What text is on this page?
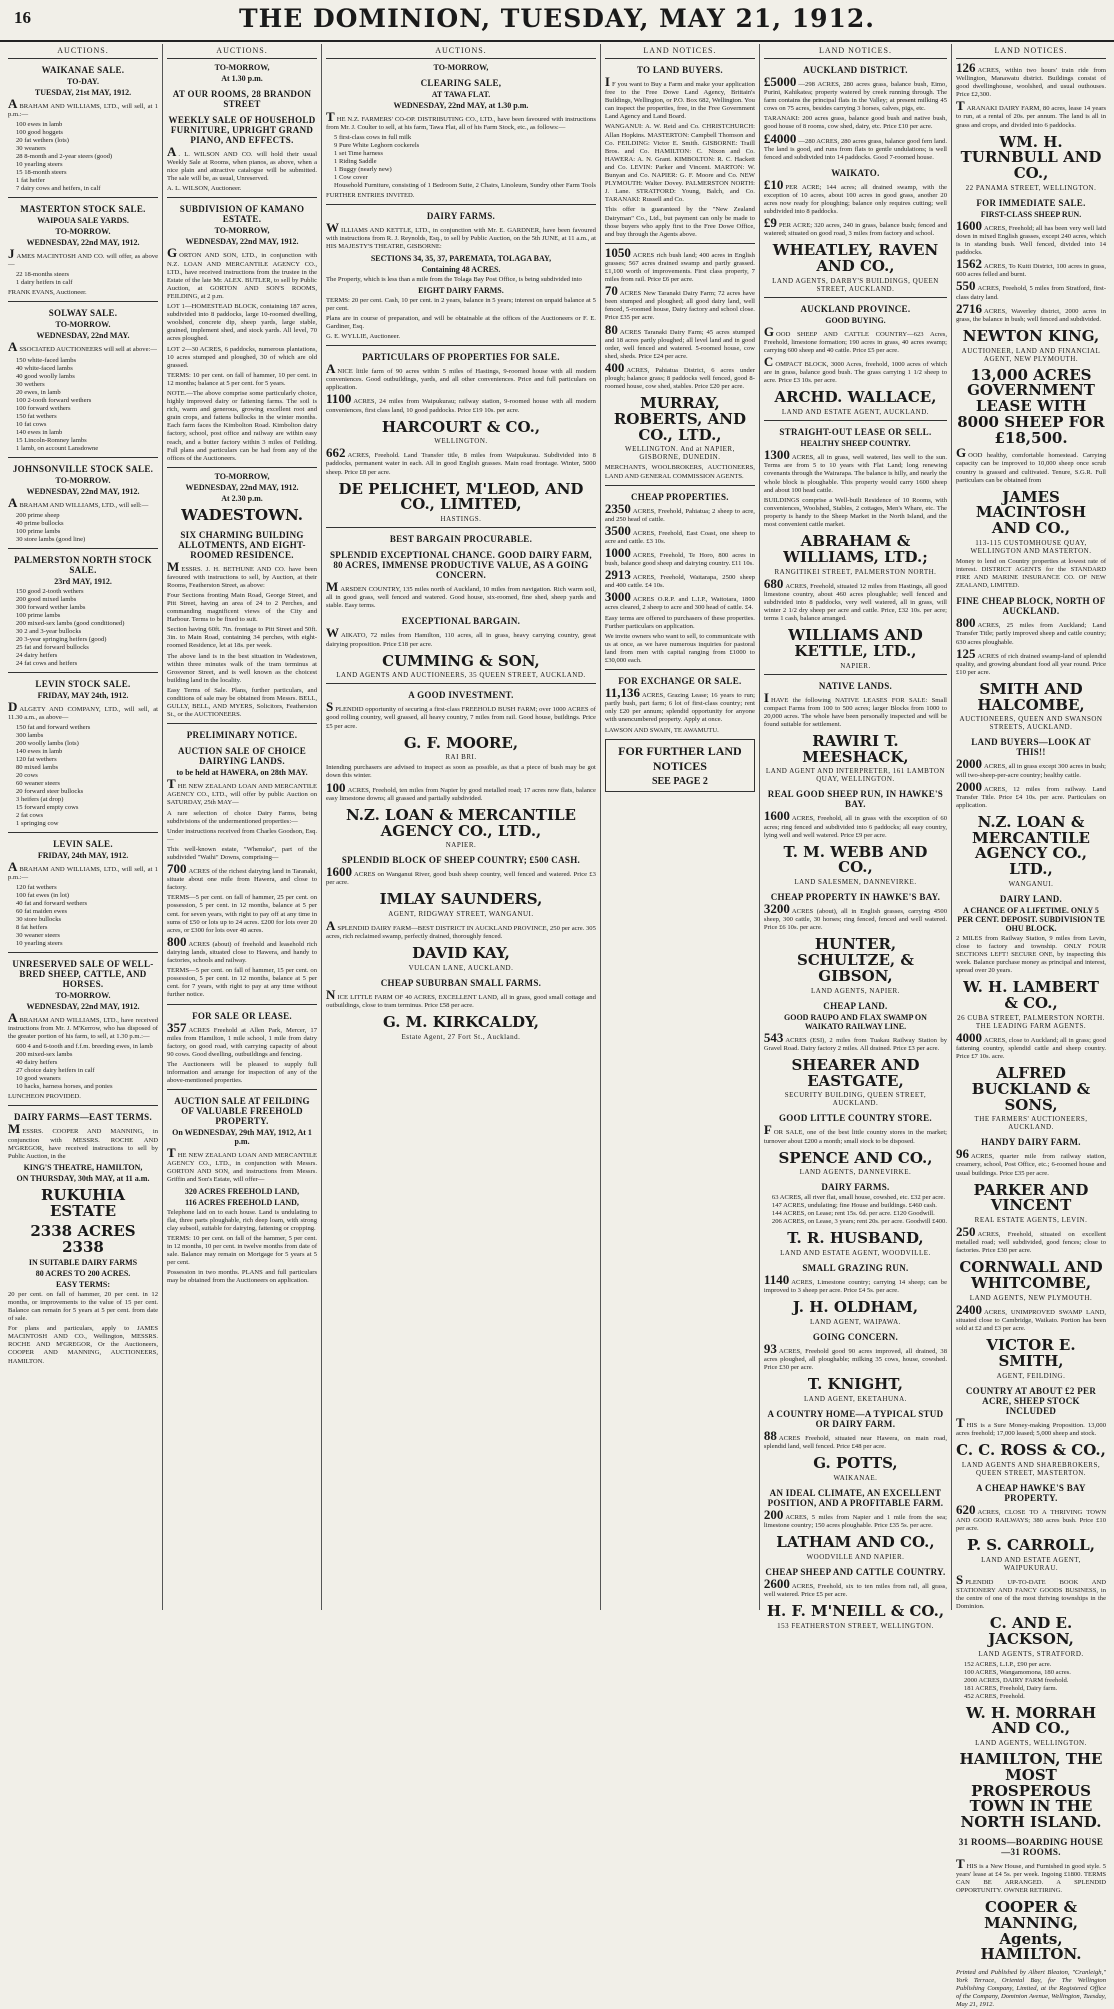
16	THE DOMINION, TUESDAY, MAY 21, 1912.
AUCTIONS.
WAIKANAE SALE.
TO-DAY.
TUESDAY, 21st MAY, 1912.
ABRAHAM AND WILLIAMS, LTD., will sell, at 1 p.m.:—
100 ewes in lamb
100 good hoggets
20 fat wethers (lots)
30 weaners
28 8-month and 2-year steers (good)
10 yearling steers
15 18-month steers
1 fat heifer
7 dairy cows and heifers, in calf
MASTERTON STOCK SALE.
WAIPOUA SALE YARDS.
TO-MORROW.
WEDNESDAY, 22nd MAY, 1912.
JAMES MACINTOSH AND CO. will offer, as above—
22 18-months steers
1 dairy heifers in calf
FRANK EVANS, Auctioneer.
SOLWAY SALE.
TO-MORROW.
WEDNESDAY, 22nd MAY.
ASSOCIATED AUCTIONEERS will sell at above:—
150 white-faced lambs
40 white-faced lambs
40 good woolly lambs
30 wethers
20 ewes, in lamb
100 2-tooth forward wethers
100 forward wethers
150 fat wethers
10 fat cows
140 ewes in lamb
15 Lincoln-Romney lambs
1 lamb, on account Lansdowne
JOHNSONVILLE STOCK SALE.
TO-MORROW.
WEDNESDAY, 22nd MAY, 1912.
ABRAHAM AND WILLIAMS, LTD., will sell:—
200 prime sheep
40 prime bullocks
100 prime lambs
30 store lambs (good line)
PALMERSTON NORTH STOCK SALE.
23rd MAY, 1912.
150 good 2-tooth wethers
200 good mixed lambs
300 forward wether lambs
100 prime lambs
200 mixed-sex lambs (good conditioned)
30 2 and 3-year bullocks
20 3-year springing heifers (good)
25 fat and forward bullocks
24 dairy heifers
24 fat cows and heifers
LEVIN STOCK SALE.
FRIDAY, MAY 24th, 1912.
DALGETY AND COMPANY, LTD., will sell, at 11.30 a.m., as above—
150 fat and forward wethers
300 lambs
200 woolly lambs (lots)
140 ewes in lamb
120 fat wethers
80 mixed lambs
20 cows
60 weaner steers
20 forward steer bullocks
3 heifers (at drop)
15 forward empty cows
2 fat cows
1 springing cow
LEVIN SALE.
FRIDAY, 24th MAY, 1912.
ABRAHAM AND WILLIAMS, LTD., will sell, at 1 p.m.:—
120 fat wethers
100 fat ewes (in lot)
40 fat and forward wethers
60 fat maiden ewes
30 store bullocks
8 fat heifers
30 weaner steers
10 yearling steers
UNRESERVED SALE OF WELL-BRED SHEEP, CATTLE, AND HORSES.
TO-MORROW.
WEDNESDAY, 22nd MAY, 1912.
ABRAHAM AND WILLIAMS, LTD., have received instructions from Mr. J. M'Kerrow, who has disposed of the greater portion of his farm, to sell, at 1.30 p.m.:—
600 4 and 6-tooth and f.f.m. breeding ewes, in lamb
200 mixed-sex lambs
40 dairy heifers
27 choice dairy heifers in calf
10 good weaners
10 hacks, harness horses, and ponies
LUNCHEON PROVIDED.
DAIRY FARMS—EAST TERMS.
MESSRS. COOPER AND MANNING, in conjunction with MESSRS. ROCHE AND M'GREGOR, have received instructions to sell by Public Auction, in the
KING'S THEATRE, HAMILTON,
ON THURSDAY, 30th MAY, at 11 a.m.
RUKUHIA ESTATE
2338 ACRES 2338
IN SUITABLE DAIRY FARMS
80 ACRES TO 200 ACRES.
EASY TERMS:
20 per cent. on fall of hammer, 20 per cent. in 12 months, or improvements to the value of 15 per cent. Balance can remain for 5 years at 5 per cent. from date of sale.
For plans and particulars, apply to JAMES MACINTOSH AND CO., Wellington, MESSRS. ROCHE AND M'GREGOR, Or the Auctioneers, COOPER AND MANNING, AUCTIONEERS, HAMILTON.
AUCTIONS.
TO-MORROW,
At 1.30 p.m.
AT OUR ROOMS, 28 BRANDON STREET
WEEKLY SALE OF HOUSEHOLD FURNITURE, UPRIGHT GRAND PIANO, AND EFFECTS.
A . L. WILSON AND CO. will hold their usual Weekly Sale at Rooms, when pianos, as above, when a nice plain and attractive catalogue will be submitted. The sale will be, as usual, Unreserved.
A. L. WILSON, Auctioneer.
SUBDIVISION OF KAMANO ESTATE.
TO-MORROW,
WEDNESDAY, 22nd MAY, 1912.
GORTON AND SON, LTD., in conjunction with N.Z. LOAN AND MERCANTILE AGENCY CO., LTD., have received instructions from the trustee in the Estate of the late Mr. ALEX. BUTLER, to sell by Public Auction, at GORTON AND SON'S ROOMS, FEILDING, at 2 p.m.
LOT 1—HOMESTEAD BLOCK, containing 187 acres, subdivided into 8 paddocks, large 10-roomed dwelling, woolshed, concrete dip, sheep yards, large stable, grained, implement shed, and stock yards. All level, 70 acres ploughed.
LOT 2—30 ACRES, 6 paddocks, numerous plantations, 10 acres stumped and ploughed, 30 of which are old grassed.
TERMS: 10 per cent. on fall of hammer, 10 per cent. in 12 months; balance at 5 per cent. for 5 years.
NOTE.—The above comprise some particularly choice, highly improved dairy or fattening farms. The soil is rich, warm and generous, growing excellent root and grain crops, and fattens bullocks in the winter months. Each farm faces the Kimbolton Road. Kimbolton dairy factory, school, post office and railway are within easy reach, and a butter factory within 3 miles of Feilding. Full plans and particulars can be had from any of the offices of the Auctioneers.
TO-MORROW,
WEDNESDAY, 22nd MAY, 1912.
At 2.30 p.m.
WADESTOWN.
SIX CHARMING BUILDING ALLOTMENTS, AND EIGHT-ROOMED RESIDENCE.
MESSRS. J. H. BETHUNE AND CO. have been favoured with instructions to sell, by Auction, at their Rooms, Featherston Street, as above:
Four Sections fronting Main Road, George Street, and Pitt Street, having an area of 24 to 2 Perches, and commanding magnificent views of the City and Harbour. Terms to be fixed to suit.
Section having 60ft. 7in. frontage to Pitt Street and 50ft. 3in. to Main Road, containing 34 perches, with eight-roomed Residence, let at 18s. per week.
The above land is in the best situation in Wadestown, within three minutes walk of the tram terminus at Grosvenor Street, and is well known as the choicest building land in the locality.
Easy Terms of Sale. Plans, further particulars, and conditions of sale may be obtained from Messrs. BELL, GULLY, BELL, AND MYERS, Solicitors, Featherston St., or the AUCTIONEERS.
PRELIMINARY NOTICE.
AUCTION SALE OF CHOICE DAIRYING LANDS.
to be held at HAWERA, on 28th MAY.
THE NEW ZEALAND LOAN AND MERCANTILE AGENCY CO., LTD., will offer by public Auction on SATURDAY, 25th MAY—
A rare selection of choice Dairy Farms, being subdivisions of the undermentioned properties:—
Under instructions received from Charles Goodson, Esq.—
This well-known estate, "Whenuka", part of the subdivided "Waihi" Downs, comprising—
700 ACRES of the richest dairying land in Taranaki, situate about one mile from Hawera, and close to factory.
TERMS—5 per cent. on fall of hammer, 25 per cent. on possession, 5 per cent. in 12 months, balance at 5 per cent. for seven years, with right to pay off at any time in sums of £50 or lots up to 24 acres. £200 for lots over 20 acres, or £300 for lots over 40 acres.
800 ACRES (about) of freehold and leasehold rich dairying lands, situated close to Hawera, and handy to factories, schools and railway.
TERMS—5 per cent. on fall of hammer, 15 per cent. on possession, 5 per cent. in 12 months, balance at 5 per cent. for 7 years, with right to pay at any time without further notice.
FOR SALE OR LEASE.
357 ACRES Freehold at Allen Park, Mercer, 17 miles from Hamilton, 1 mile school, 1 mile from dairy factory, on good road, with carrying capacity of about 90 cows. Good dwelling, outbuildings and fencing.
The Auctioneers will be pleased to supply full information and arrange for inspection of any of the above-mentioned properties.
AUCTION SALE AT FEILDING OF VALUABLE FREEHOLD PROPERTY.
On WEDNESDAY, 29th MAY, 1912, At 1 p.m.
THE NEW ZEALAND LOAN AND MERCANTILE AGENCY CO., LTD., in conjunction with Messrs. GORTON AND SON, and instructions from Messrs. Griffin and Son's Estate, will offer—
320 ACRES FREEHOLD LAND,
116 ACRES FREEHOLD LAND,
Telephone laid on to each house. Land is undulating to flat, three parts ploughable, rich deep loam, with strong clay subsoil, suitable for dairying, fattening or cropping.
TERMS: 10 per cent. on fall of the hammer, 5 per cent. in 12 months, 10 per cent. in twelve months from date of sale. Balance may remain on Mortgage for 5 years at 5 per cent.
Possession in two months. PLANS and full particulars may be obtained from the Auctioneers on application.
AUCTIONS.
TO-MORROW,
CLEARING SALE,
AT TAWA FLAT.
WEDNESDAY, 22nd MAY, at 1.30 p.m.
THE N.Z. FARMERS' CO-OP. DISTRIBUTING CO., LTD., have been favoured with instructions from Mr. J. Coulter to sell, at his farm, Tawa Flat, all of his Farm Stock, etc., as follows:—
5 first-class cows in full milk
9 Pure White Leghorn cockerels
1 set Time harness
1 Riding Saddle
1 Buggy (nearly new)
1 Cow cover
Household Furniture, consisting of 1 Bedroom Suite, 2 Chairs, Linoleum, Sundry other Farm Tools
FURTHER ENTRIES INVITED.
DAIRY FARMS.
WILLIAMS AND KETTLE, LTD., in conjunction with Mr. E. GARDNER, have been favoured with instructions from R. J. Reynolds, Esq., to sell by Public Auction, on the 5th JUNE, at 11 a.m., at HIS MAJESTY'S THEATRE, GISBORNE:
SECTIONS 34, 35, 37, PAREMATA, TOLAGA BAY,
Containing 48 ACRES.
The Property, which is less than a mile from the Tolaga Bay Post Office, is being subdivided into
EIGHT DAIRY FARMS.
TERMS: 20 per cent. Cash, 10 per cent. in 2 years, balance in 5 years; interest on unpaid balance at 5 per cent.
Plans are in course of preparation, and will be obtainable at the offices of the Auctioneers or F. E. Gardiner, Esq.
G. E. WYLLIE, Auctioneer.
PARTICULARS OF PROPERTIES FOR SALE.
ANICE little farm of 90 acres within 5 miles of Hastings, 9-roomed house with all modern conveniences. Good outbuildings, yards, and all other conveniences. Price and full particulars on application.
1100 ACRES, 24 miles from Waipukurau; railway station, 9-roomed house with all modern conveniences, first class land, 10 good paddocks. Price £19 10s. per acre.
HARCOURT & CO.,
WELLINGTON.
662 ACRES, Freehold. Land Transfer title, 8 miles from Waipukurau. Subdivided into 8 paddocks, permanent water in each. All in good English grasses. Main road frontage. Winter, 5000 sheep. Price £8 per acre.
DE PELICHET, M'LEOD, AND CO., LIMITED,
HASTINGS.
BEST BARGAIN PROCURABLE.
SPLENDID EXCEPTIONAL CHANCE. GOOD DAIRY FARM, 80 ACRES, IMMENSE PRODUCTIVE VALUE, AS A GOING CONCERN.
MARSDEN COUNTRY, 135 miles north of Auckland, 10 miles from navigation. Rich warm soil, all in good grass, well fenced and watered. Good house, six-roomed, fine shed, sheep yards and stable. Easy terms.
EXCEPTIONAL BARGAIN.
WAIKATO, 72 miles from Hamilton, 110 acres, all in grass, heavy carrying country, great dairying proposition. Price £18 per acre.
CUMMING & SON,
LAND AGENTS AND AUCTIONEERS, 35 QUEEN STREET, AUCKLAND.
A GOOD INVESTMENT.
SPLENDID opportunity of securing a first-class FREEHOLD BUSH FARM; over 1000 ACRES of good rolling country, well grassed, all heavy country, 7 miles from rail. Good house, buildings. Price £5 per acre.
G. F. MOORE,
RAI BRI.
Intending purchasers are advised to inspect as soon as possible, as that a piece of bush may be got down this winter.
100 ACRES, Freehold, ten miles from Napier by good metalled road; 17 acres now flats, balance easy limestone downs; all grassed and partially subdivided.
N.Z. LOAN & MERCANTILE AGENCY CO., LTD.,
NAPIER.
SPLENDID BLOCK OF SHEEP COUNTRY; £500 CASH.
1600 ACRES on Wanganui River, good bush sheep country, well fenced and watered. Price £3 per acre.
IMLAY SAUNDERS,
AGENT, RIDGWAY STREET, WANGANUI.
ASPLENDID DAIRY FARM—BEST DISTRICT IN AUCKLAND PROVINCE, 250 per acre. 305 acres, rich reclaimed swamp, perfectly drained, thoroughly fenced.
DAVID KAY,
VULCAN LANE, AUCKLAND.
CHEAP SUBURBAN SMALL FARMS.
NICE LITTLE FARM OF 40 ACRES, EXCELLENT LAND, all in grass, good small cottage and outbuildings, close to tram terminus. Price £58 per acre.
G. M. KIRKCALDY,
Estate Agent, 27 Fort St., Auckland.
LAND NOTICES.
TO LAND BUYERS.
I F you want to Buy a Farm and make your application free to the Free Dowe Land Agency, Brittain's Buildings, Wellington, or P.O. Box 682, Wellington. You can inspect the properties, free, in the Free Government Land Agency and Land Board.
WANGANUI: A. W. Reid and Co. CHRISTCHURCH: Allan Hopkins. MASTERTON: Campbell Thomson and Co. FEILDING: Victor E. Smith. GISBORNE: Traill Bros. and Co. HAMILTON: C. Nixon and Co. HAWERA: A. N. Grant. KIMBOLTON: R. C. Hackett and Co. LEVIN: Parker and Vincent. MARTON: W. Bunyan and Co. NAPIER: G. F. Moore and Co. NEW PLYMOUTH: Walter Dovey. PALMERSTON NORTH: J. Lane. STRATFORD: Young, Balch, and Co. TARANAKI: Russell and Co.
This offer is guaranteed by the "New Zealand Dairyman" Co., Ltd., but payment can only be made to those buyers who apply first to the Free Dowe Office, and buy through the Agents above.
1050 ACRES rich bush land; 400 acres in English grasses; 567 acres drained swamp and partly grassed. £1,100 worth of improvements. First class property, 7 miles from rail. Price £6 per acre.
70 ACRES New Taranaki Dairy Farm; 72 acres have been stumped and ploughed; all good dairy land, well fenced, 5-roomed house, Dairy factory and school close. Price £35 per acre.
80 ACRES Taranaki Dairy Farm; 45 acres stumped and 18 acres partly ploughed; all level land and in good order, well fenced and watered. 5-roomed house, cow shed, sheds. Price £24 per acre.
400 ACRES, Pahiatua District, 6 acres under plough; balance grass; 8 paddocks well fenced, good 8-roomed house, cow shed, stables. Price £20 per acre.
MURRAY, ROBERTS, AND CO., LTD.,
WELLINGTON. And at NAPIER, GISBORNE, DUNEDIN.
MERCHANTS, WOOLBROKERS, AUCTIONEERS, LAND AND GENERAL COMMISSION AGENTS.
CHEAP PROPERTIES.
2350 ACRES, Freehold, Pahiatua; 2 sheep to acre, and 250 head of cattle.
3500 ACRES, Freehold, East Coast, one sheep to acre and cattle. £3 10s.
1000 ACRES, Freehold, Te Horo, 800 acres in bush, balance good sheep and dairying country. £11 10s.
2913 ACRES, Freehold, Waitarapa, 2500 sheep and 400 cattle. £4 10s.
3000 ACRES O.R.P. and L.I.P., Waitotara, 1800 acres cleared, 2 sheep to acre and 300 head of cattle. £4.
Easy terms are offered to purchasers of these properties. Further particulars on application.
We invite owners who want to sell, to communicate with us at once, as we have numerous inquiries for pastoral land from men with capital ranging from £1000 to £30,000 each.
FOR EXCHANGE OR SALE.
11,136 ACRES, Grazing Lease; 16 years to run; partly bush, part farm; 6 lot of first-class country; rent only £20 per annum; splendid opportunity for anyone with unencumbered property. Apply at once.
LAWSON AND SWAIN, TE AWAMUTU.
FOR FURTHER LAND NOTICES
SEE PAGE 2
LAND NOTICES.
AUCKLAND DISTRICT.
£5000 —298 ACRES, 280 acres grass, balance bush, Eimo, Purini, Kahikatea; property watered by creek running through. The farm contains the principal flats in the Valley; at present milking 45 cows on 75 acres, besides carrying 3 horses, calves, pigs, etc.
TARANAKI: 200 acres grass, balance good bush and native bush, good house of 8 rooms, cow shed, dairy, etc. Price £10 per acre.
£4000 —280 ACRES, 280 acres grass, balance good fern land. The land is good, and runs from flats to gentle undulations; is well fenced and subdivided into 14 paddocks. Good 7-roomed house.
WAIKATO.
£10 PER ACRE; 144 acres; all drained swamp, with the exception of 10 acres, about 100 acres in good grass, another 20 acres now ready for ploughing; balance only requires cutting; well subdivided into 8 paddocks.
£9 PER ACRE; 320 acres, 240 in grass, balance bush; fenced and watered; situated on good road, 3 miles from factory and school.
WHEATLEY, RAVEN AND CO.,
LAND AGENTS, DARBY'S BUILDINGS, QUEEN STREET, AUCKLAND.
AUCKLAND PROVINCE.
GOOD BUYING.
GOOD SHEEP AND CATTLE COUNTRY—623 Acres, Freehold, limestone formation; 190 acres in grass, 40 acres swamp; carrying 600 sheep and 40 cattle. Price £5 per acre.
COMPACT BLOCK, 3000 Acres, freehold, 1000 acres of which are in grass, balance good bush. The grass carrying 1 1/2 sheep to acre. Price £3 10s. per acre.
ARCHD. WALLACE,
LAND AND ESTATE AGENT, AUCKLAND.
STRAIGHT-OUT LEASE OR SELL.
HEALTHY SHEEP COUNTRY.
1300 ACRES, all in grass, well watered, lies well to the sun. Terms are from 5 to 10 years with Flat Land; long renewing covenants through the Wairarapa. The balance is hilly, and nearly the whole block is ploughable. This property would carry 1600 sheep and about 100 head cattle.
BUILDINGS comprise a Well-built Residence of 10 Rooms, with conveniences, Woolshed, Stables, 2 cottages, Men's Whare, etc. The property is handy to the Sheep Market in the North Island, and the most convenient cattle market.
ABRAHAM & WILLIAMS, LTD.;
RANGITIKEI STREET, PALMERSTON NORTH.
680 ACRES, Freehold, situated 12 miles from Hastings, all good limestone country, about 460 acres ploughable; well fenced and subdivided into 8 paddocks, very well watered, all in grass, will winter 2 1/2 dry sheep per acre and cattle. Price, £32 10s. per acre; terms 1 cash, balance arranged.
WILLIAMS AND KETTLE, LTD.,
NAPIER.
NATIVE LANDS.
IHAVE the following NATIVE LEASES FOR SALE: Small compact Farms from 100 to 500 acres; larger Blocks from 1000 to 20,000 acres. The whole have been personally inspected and will be found suitable for settlement.
RAWIRI T. MEESHACK,
LAND AGENT AND INTERPRETER, 161 LAMBTON QUAY, WELLINGTON.
REAL GOOD SHEEP RUN, IN HAWKE'S BAY.
1600 ACRES, Freehold, all in grass with the exception of 60 acres; ring fenced and subdivided into 6 paddocks; all easy country, lying well and well watered. Price £9 per acre.
T. M. WEBB AND CO.,
LAND SALESMEN, DANNEVIRKE.
CHEAP PROPERTY IN HAWKE'S BAY.
3200 ACRES (about), all in English grasses, carrying 4500 sheep, 300 cattle, 30 horses; ring fenced, fenced and well watered. Price £6 10s. per acre.
HUNTER, SCHULTZE, & GIBSON,
LAND AGENTS, NAPIER.
CHEAP LAND.
GOOD RAUPO AND FLAX SWAMP ON WAIKATO RAILWAY LINE.
543 ACRES (ESI), 2 miles from Tuakau Railway Station by Gravel Road. Dairy factory 2 miles. All drained. Price £3 per acre.
SHEARER AND EASTGATE,
SECURITY BUILDING, QUEEN STREET, AUCKLAND.
GOOD LITTLE COUNTRY STORE.
FOR SALE, one of the best little country stores in the market; turnover about £200 a month; small stock to be disposed.
SPENCE AND CO.,
LAND AGENTS, DANNEVIRKE.
DAIRY FARMS.
63 ACRES, all river flat, small house, cowshed, etc. £32 per acre.
147 ACRES, undulating; fine House and buildings. £460 cash.
144 ACRES, on Lease; rent 15s. 6d. per acre. £120 Goodwill.
206 ACRES, on Lease, 3 years; rent 20s. per acre. Goodwill £400.
T. R. HUSBAND,
LAND AND ESTATE AGENT, WOODVILLE.
SMALL GRAZING RUN.
1140 ACRES, Limestone country; carrying 14 sheep; can be improved to 3 sheep per acre. Price £4 5s. per acre.
J. H. OLDHAM,
LAND AGENT, WAIPAWA.
GOING CONCERN.
93 ACRES, Freehold good 90 acres improved, all drained, 38 acres ploughed, all ploughable; milking 35 cows, house, cowshed. Price £30 per acre.
T. KNIGHT,
LAND AGENT, EKETAHUNA.
A COUNTRY HOME—A TYPICAL STUD OR DAIRY FARM.
88 ACRES Freehold, situated near Hawera, on main road, splendid land, well fenced. Price £48 per acre.
G. POTTS,
WAIKANAE.
AN IDEAL CLIMATE, AN EXCELLENT POSITION, AND A PROFITABLE FARM.
200 ACRES, 5 miles from Napier and 1 mile from the sea; limestone country; 150 acres ploughable. Price £35 5s. per acre.
LATHAM AND CO.,
WOODVILLE AND NAPIER.
CHEAP SHEEP AND CATTLE COUNTRY.
2600 ACRES, Freehold, six to ten miles from rail, all grass, well watered. Price £5 per acre.
H. F. M'NEILL & CO.,
153 FEATHERSTON STREET, WELLINGTON.
LAND NOTICES.
126 ACRES, within two hours' train ride from Wellington, Manawatu district. Buildings consist of good dwellinghouse, woolshed, and usual outhouses. Price £2,300.
TARANAKI DAIRY FARM, 80 acres, lease 14 years to run, at a rental of 20s. per annum. The land is all in grass and crops, and divided into 6 paddocks.
WM. H. TURNBULL AND CO.,
22 PANAMA STREET, WELLINGTON.
FOR IMMEDIATE SALE.
FIRST-CLASS SHEEP RUN.
1600 ACRES, Freehold; all has been very well laid down in mixed English grasses, except 240 acres, which is in standing bush. Well fenced, divided into 14 paddocks.
1562 ACRES, To Kuiti District, 100 acres in grass, 600 acres felled and burnt.
550 ACRES, Freehold, 5 miles from Stratford, first-class dairy land.
2716 ACRES, Waverley district, 2000 acres in grass, the balance in bush; well fenced and subdivided.
NEWTON KING,
AUCTIONEER, LAND AND FINANCIAL AGENT, NEW PLYMOUTH.
13,000 ACRES GOVERNMENT LEASE WITH 8000 SHEEP FOR £18,500.
GOOD healthy, comfortable homestead. Carrying capacity can be improved to 10,000 sheep once scrub country is grassed and cultivated. Tenure, S.G.R. Full particulars can be obtained from
JAMES MACINTOSH AND CO.,
113-115 CUSTOMHOUSE QUAY, WELLINGTON AND MASTERTON.
Money to lend on Country properties at lowest rate of interest. DISTRICT AGENTS for the STANDARD FIRE AND MARINE INSURANCE CO. OF NEW ZEALAND, LIMITED.
FINE CHEAP BLOCK, NORTH OF AUCKLAND.
800 ACRES, 25 miles from Auckland; Land Transfer Title; partly improved sheep and cattle country; 630 acres ploughable.
125 ACRES of rich drained swamp-land of splendid quality, and growing abundant food all year round. Price £10 per acre.
SMITH AND HALCOMBE,
AUCTIONEERS, QUEEN AND SWANSON STREETS, AUCKLAND.
LAND BUYERS—LOOK AT THIS!!
2000 ACRES, all in grass except 300 acres in bush; will two-sheep-per-acre country; healthy cattle.
2000 ACRES, 12 miles from railway. Land Transfer Title. Price £4 10s. per acre. Particulars on application.
N.Z. LOAN & MERCANTILE AGENCY CO., LTD.,
WANGANUI.
DAIRY LAND.
A CHANCE OF A LIFETIME. ONLY 5 PER CENT. DEPOSIT. SUBDIVISION TE OHU BLOCK.
2 MILES from Railway Station, 9 miles from Levin, close to factory and township. ONLY FOUR SECTIONS LEFT! SECURE ONE, by inspecting this week. Balance purchase money as principal and interest, spread over 20 years.
W. H. LAMBERT & CO.,
26 CUBA STREET, PALMERSTON NORTH. THE LEADING FARM AGENTS.
4000 ACRES, close to Auckland; all in grass; good fattening country, splendid cattle and sheep country. Price £7 10s. acre.
ALFRED BUCKLAND & SONS,
THE FARMERS' AUCTIONEERS, AUCKLAND.
HANDY DAIRY FARM.
96 ACRES, quarter mile from railway station, creamery, school, Post Office, etc.; 6-roomed house and usual buildings. Price £35 per acre.
PARKER AND VINCENT
REAL ESTATE AGENTS, LEVIN.
250 ACRES, Freehold, situated on excellent metalled road; well subdivided, good fences; close to factories. Price £30 per acre.
CORNWALL AND WHITCOMBE,
LAND AGENTS, NEW PLYMOUTH.
2400 ACRES, UNIMPROVED SWAMP LAND, situated close to Cambridge, Waikato. Portion has been sold at £2 and £3 per acre.
VICTOR E. SMITH,
AGENT, FEILDING.
COUNTRY AT ABOUT £2 PER ACRE, SHEEP STOCK INCLUDED
THIS is a Sure Money-making Proposition. 13,000 acres freehold; 17,000 leased; 5,000 sheep and stock.
C. C. ROSS & CO.,
LAND AGENTS AND SHAREBROKERS, QUEEN STREET, MASTERTON.
A CHEAP HAWKE'S BAY PROPERTY.
620 ACRES, CLOSE TO A THRIVING TOWN AND GOOD RAILWAYS; 380 acres bush. Price £10 per acre.
P. S. CARROLL,
LAND AND ESTATE AGENT, WAIPUKURAU.
SPLENDID UP-TO-DATE BOOK AND STATIONERY AND FANCY GOODS BUSINESS, in the centre of one of the most thriving townships in the Dominion.
C. AND E. JACKSON,
LAND AGENTS, STRATFORD.
152 ACRES, L.I.P., £90 per acre.
100 ACRES, Wangamomona, 180 acres.
2000 ACRES, DAIRY FARM freehold.
181 ACRES, Freehold, Dairy farm.
452 ACRES, Freehold.
W. H. MORRAH AND CO.,
LAND AGENTS, WELLINGTON.
HAMILTON, THE MOST PROSPEROUS TOWN IN THE NORTH ISLAND.
31 ROOMS—BOARDING HOUSE—31 ROOMS.
THIS is a New House, and Furnished in good style. 5 years' lease at £4 5s. per week. Ingoing £1800. TERMS CAN BE ARRANGED. A SPLENDID OPPORTUNITY. OWNER RETIRING.
COOPER & MANNING, Agents, HAMILTON.
Printed and Published by Albert Bleaton, "Cranleigh," York Terrace, Oriental Bay, for The Wellington Publishing Company, Limited, at the Registered Office of the Company, Dominion Avenue, Wellington, Tuesday, May 21, 1912.
